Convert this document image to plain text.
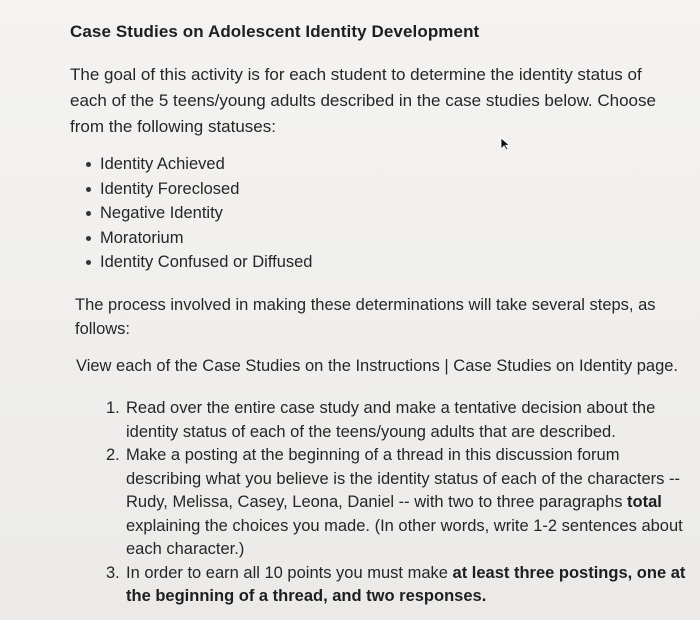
Case Studies on Adolescent Identity Development
The goal of this activity is for each student to determine the identity status of each of the 5 teens/young adults described in the case studies below. Choose from the following statuses:
Identity Achieved
Identity Foreclosed
Negative Identity
Moratorium
Identity Confused or Diffused
The process involved in making these determinations will take several steps, as follows:
View each of the Case Studies on the Instructions | Case Studies on Identity page.
1. Read over the entire case study and make a tentative decision about the identity status of each of the teens/young adults that are described.
2. Make a posting at the beginning of a thread in this discussion forum describing what you believe is the identity status of each of the characters -- Rudy, Melissa, Casey, Leona, Daniel -- with two to three paragraphs total explaining the choices you made. (In other words, write 1-2 sentences about each character.)
3. In order to earn all 10 points you must make at least three postings, one at the beginning of a thread, and two responses.
